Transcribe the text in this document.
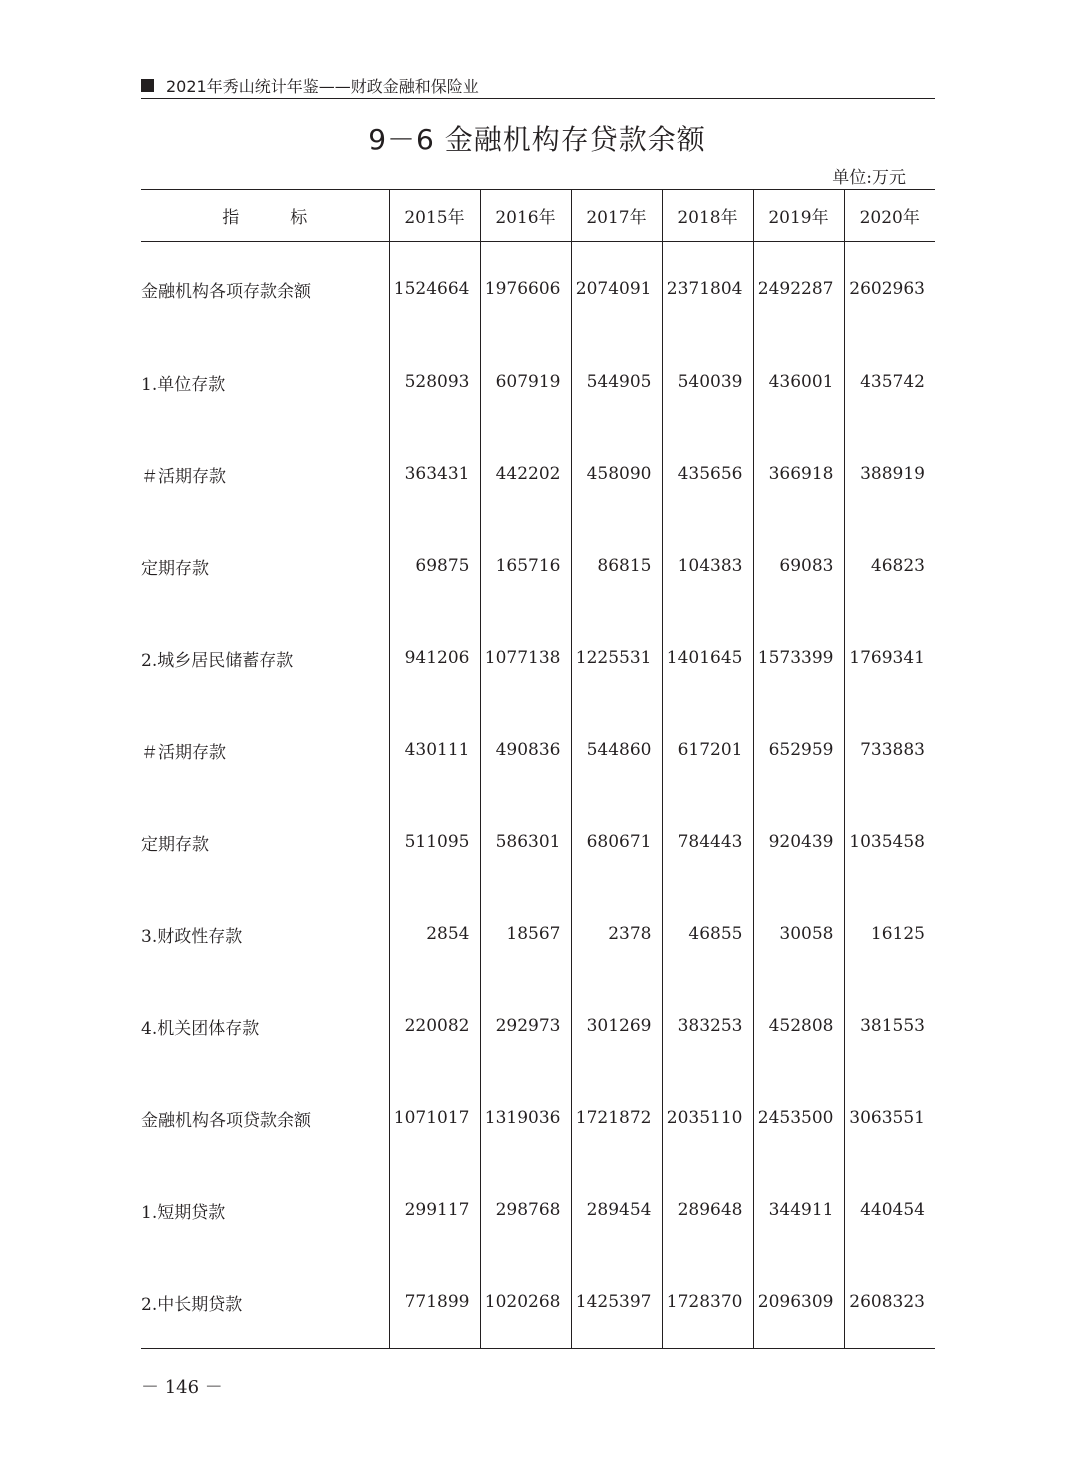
2021年秀山统计年鉴——财政金融和保险业
9－6 金融机构存贷款余额
单位:万元
指　　　标	2015年	2016年	2017年	2018年	2019年	2020年
金融机构各项存款余额	1524664	1976606	2074091	2371804	2492287	2602963
1.单位存款	528093	607919	544905	540039	436001	435742
＃活期存款	363431	442202	458090	435656	366918	388919
定期存款	69875	165716	86815	104383	69083	46823
2.城乡居民储蓄存款	941206	1077138	1225531	1401645	1573399	1769341
＃活期存款	430111	490836	544860	617201	652959	733883
定期存款	511095	586301	680671	784443	920439	1035458
3.财政性存款	2854	18567	2378	46855	30058	16125
4.机关团体存款	220082	292973	301269	383253	452808	381553
金融机构各项贷款余额	1071017	1319036	1721872	2035110	2453500	3063551
1.短期贷款	299117	298768	289454	289648	344911	440454
2.中长期贷款	771899	1020268	1425397	1728370	2096309	2608323
－ 146 －
